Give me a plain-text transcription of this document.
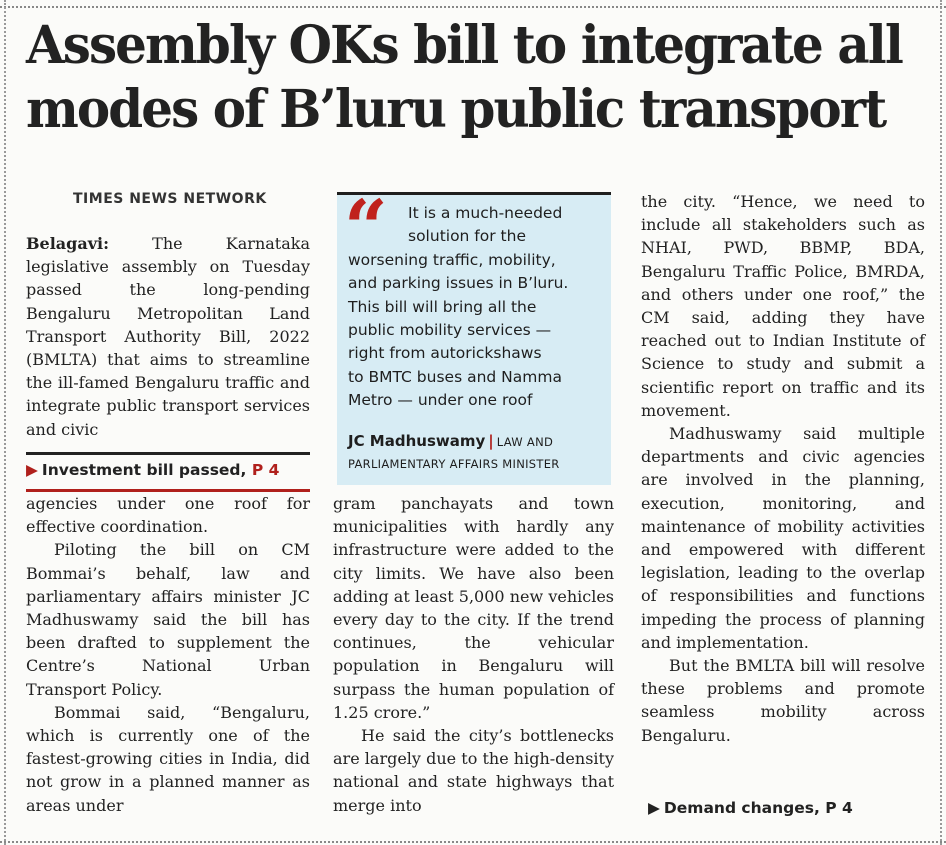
Assembly OKs bill to integrate all
modes of B’luru public transport
TIMES NEWS NETWORK

Belagavi:	The Karnataka legislative assembly on Tuesday passed the long-pending Bengaluru Metropolitan Land Transport Authority Bill, 2022 (BMLTA) that aims to streamline the ill-famed Bengaluru traffic and integrate public transport services and civic

▶ Investment bill passed, P 4

agencies under one roof for effective coordination.

Piloting the bill on CM Bommai’s behalf, law and parliamentary affairs minister JC Madhuswamy said the bill has been drafted to supplement the Centre’s National Urban Transport Policy.

Bommai said, “Bengaluru, which is currently one of the fastest-growing cities in India, did not grow in a planned manner as areas under

“	It is a much-needed
solution for the
worsening traffic, mobility,
and parking issues in B’luru.
This bill will bring all the
public mobility services —
right from autorickshaws
to BMTC buses and Namma
Metro — under one roof
JC Madhuswamy | LAW AND
PARLIAMENTARY AFFAIRS MINISTER

gram panchayats and town municipalities with hardly any infrastructure were added to the city limits. We have also been adding at least 5,000 new vehicles every day to the city. If the trend continues, the vehicular population in Bengaluru will surpass the human population of 1.25 crore.”

He said the city’s bottlenecks are largely due to the high-density national and state highways that merge into

the city. “Hence, we need to include all stakeholders such as NHAI, PWD, BBMP, BDA, Bengaluru Traffic Police, BMRDA, and others under one roof,” the CM said, adding they have reached out to Indian Institute of Science to study and submit a scientific report on traffic and its movement.

Madhuswamy said multiple departments and civic agencies are involved in the planning, execution, monitoring, and maintenance of mobility activities and empowered with different legislation, leading to the overlap of responsibilities and functions impeding the process of planning and implementation.

But the BMLTA bill will resolve these problems and promote seamless mobility across Bengaluru.

▶ Demand changes, P 4
